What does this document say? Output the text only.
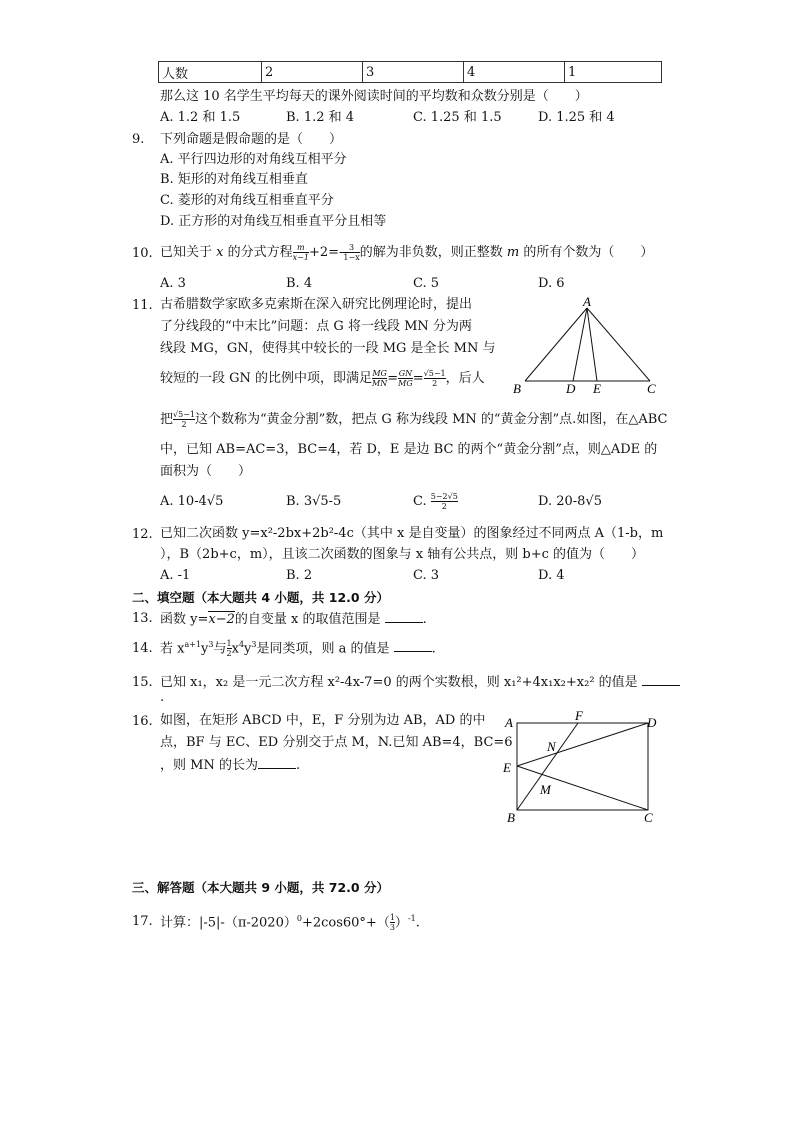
人数	2	3	4	1
那么这 10 名学生平均每天的课外阅读时间的平均数和众数分别是（　　）
A. 1.2 和 1.5	B. 1.2 和 4	C. 1.25 和 1.5	D. 1.25 和 4
9. 下列命题是假命题的是（　　）
A. 平行四边形的对角线互相平分
B. 矩形的对角线互相垂直
C. 菱形的对角线互相垂直平分
D. 正方形的对角线互相垂直平分且相等
10. 已知关于 x 的分式方程 $\frac{m}{x-1} +2=- \frac{3}{1-x}$ 的解为非负数，则正整数 m 的所有个数为（　　）
A. 3	B. 4	C. 5	D. 6
11. 古希腊数学家欧多克索斯在深入研究比例理论时，提出
了分线段的“中末比”问题：点 G 将一线段 MN 分为两
线段 MG，GN，使得其中较长的一段 MG 是全长 MN 与
较短的一段 GN 的比例中项，即满足 $\frac{MG}{MN} = \frac{GN}{MG} = \frac{√5-1}{2}$ ，后人
把 $\frac{√5-1}{2}$ 这个数称为“黄金分割”数，把点 G 称为线段 MN 的“黄金分割”点.如图，在△ABC
中，已知 AB=AC=3，BC=4，若 D，E 是边 BC 的两个“黄金分割”点，则△ADE 的
面积为（　　）
A. 10-4√5	B. 3√5-5	C. $\frac{5-2√5}{2}$	D. 20-8√5
A
B	D E	C
12. 已知二次函数 y=x²-2bx+2b²-4c（其中 x 是自变量）的图象经过不同两点 A（1-b，m
），B（2b+c，m），且该二次函数的图象与 x 轴有公共点，则 b+c 的值为（　　）
A. -1	B. 2	C. 3	D. 4
二、填空题（本大题共 4 小题，共 12.0 分）
13. 函数 y=x−2的自变量 x 的取值范围是	.
14. 若 $x^{a+1}y^3$与 $\frac{1}{2} x^4y^3$是同类项，则 a 的值是	.
15. 已知 x₁，x₂ 是一元二次方程 x²-4x-7=0 的两个实数根，则 x₁²+4x₁x₂+x₂² 的值是
.
16. 如图，在矩形 ABCD 中，E，F 分别为边 AB，AD 的中
点，BF 与 EC、ED 分别交于点 M，N.已知 AB=4，BC=6
，则 MN 的长为	.
A	F	D
N
E
M
B	C
三、解答题（本大题共 9 小题，共 72.0 分）
17. 计算：$|-5|-(\pi-2020)^0+2\cos 60^\circ+( \frac{1}{3} )^{-1}$.
